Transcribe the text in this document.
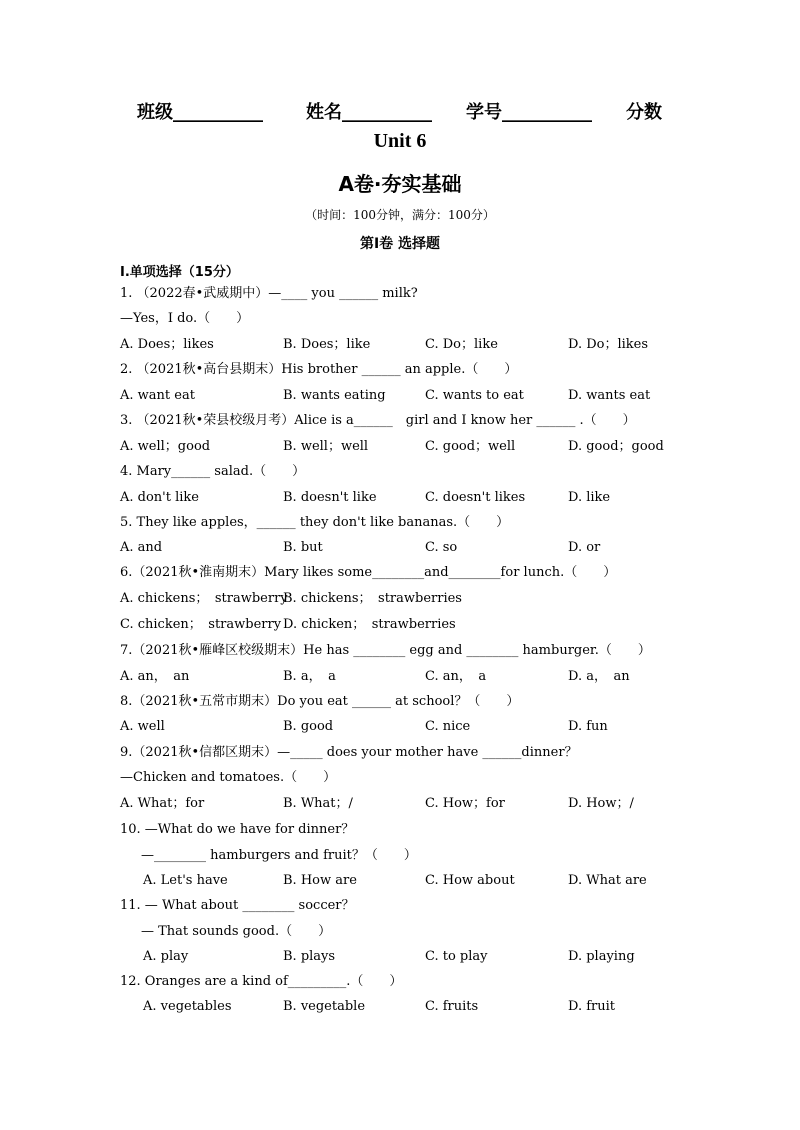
班级__________ 姓名__________ 学号__________ 分数
Unit 6
A卷·夯实基础
（时间：100分钟，满分：100分）
第Ⅰ卷 选择题
I.单项选择（15分）
1. （2022春•武威期中）—____ you ______ milk?
—Yes，I do.（　　）
A. Does；likes	B. Does；like	C. Do；like	D. Do；likes
2. （2021秋•高台县期末）His brother ______ an apple.（　　）
A. want eat	B. wants eating	C. wants to eat	D. wants eat
3. （2021秋•荣县校级月考）Alice is a______　girl and I know her ______ .（　　）
A. well；good	B. well；well	C. good；well	D. good；good
4. Mary______ salad.（　　）
A. don't like	B. doesn't like	C. doesn't likes	D. like
5. They like apples，______ they don't like bananas.（　　）
A. and	B. but	C. so	D. or
6.（2021秋•淮南期末）Mary likes some________and________for lunch.（　　）
A. chickens；　strawberry
B. chickens；　strawberries
C. chicken；　strawberry D. chicken；　strawberries
7.（2021秋•雁峰区校级期末）He has ________ egg and ________ hamburger.（　　）
A. an，　an	B. a，　a	C. an，　a	D. a，　an
8.（2021秋•五常市期末）Do you eat ______ at school？（　　）
A. well	B. good	C. nice	D. fun
9.（2021秋•信都区期末）—_____ does your mother have ______dinner？
—Chicken and tomatoes.（　　）
A. What；for	B. What；/	C. How；for	D. How；/
10. —What do we have for dinner？
　—________ hamburgers and fruit？（　　）
A. Let's have	B. How are	C. How about	D. What are
11. — What about ________ soccer？
　— That sounds good.（　　）
A. play	B. plays	C. to play	D. playing
12. Oranges are a kind of_________.（　　）
A. vegetables	B. vegetable	C. fruits	D. fruit
